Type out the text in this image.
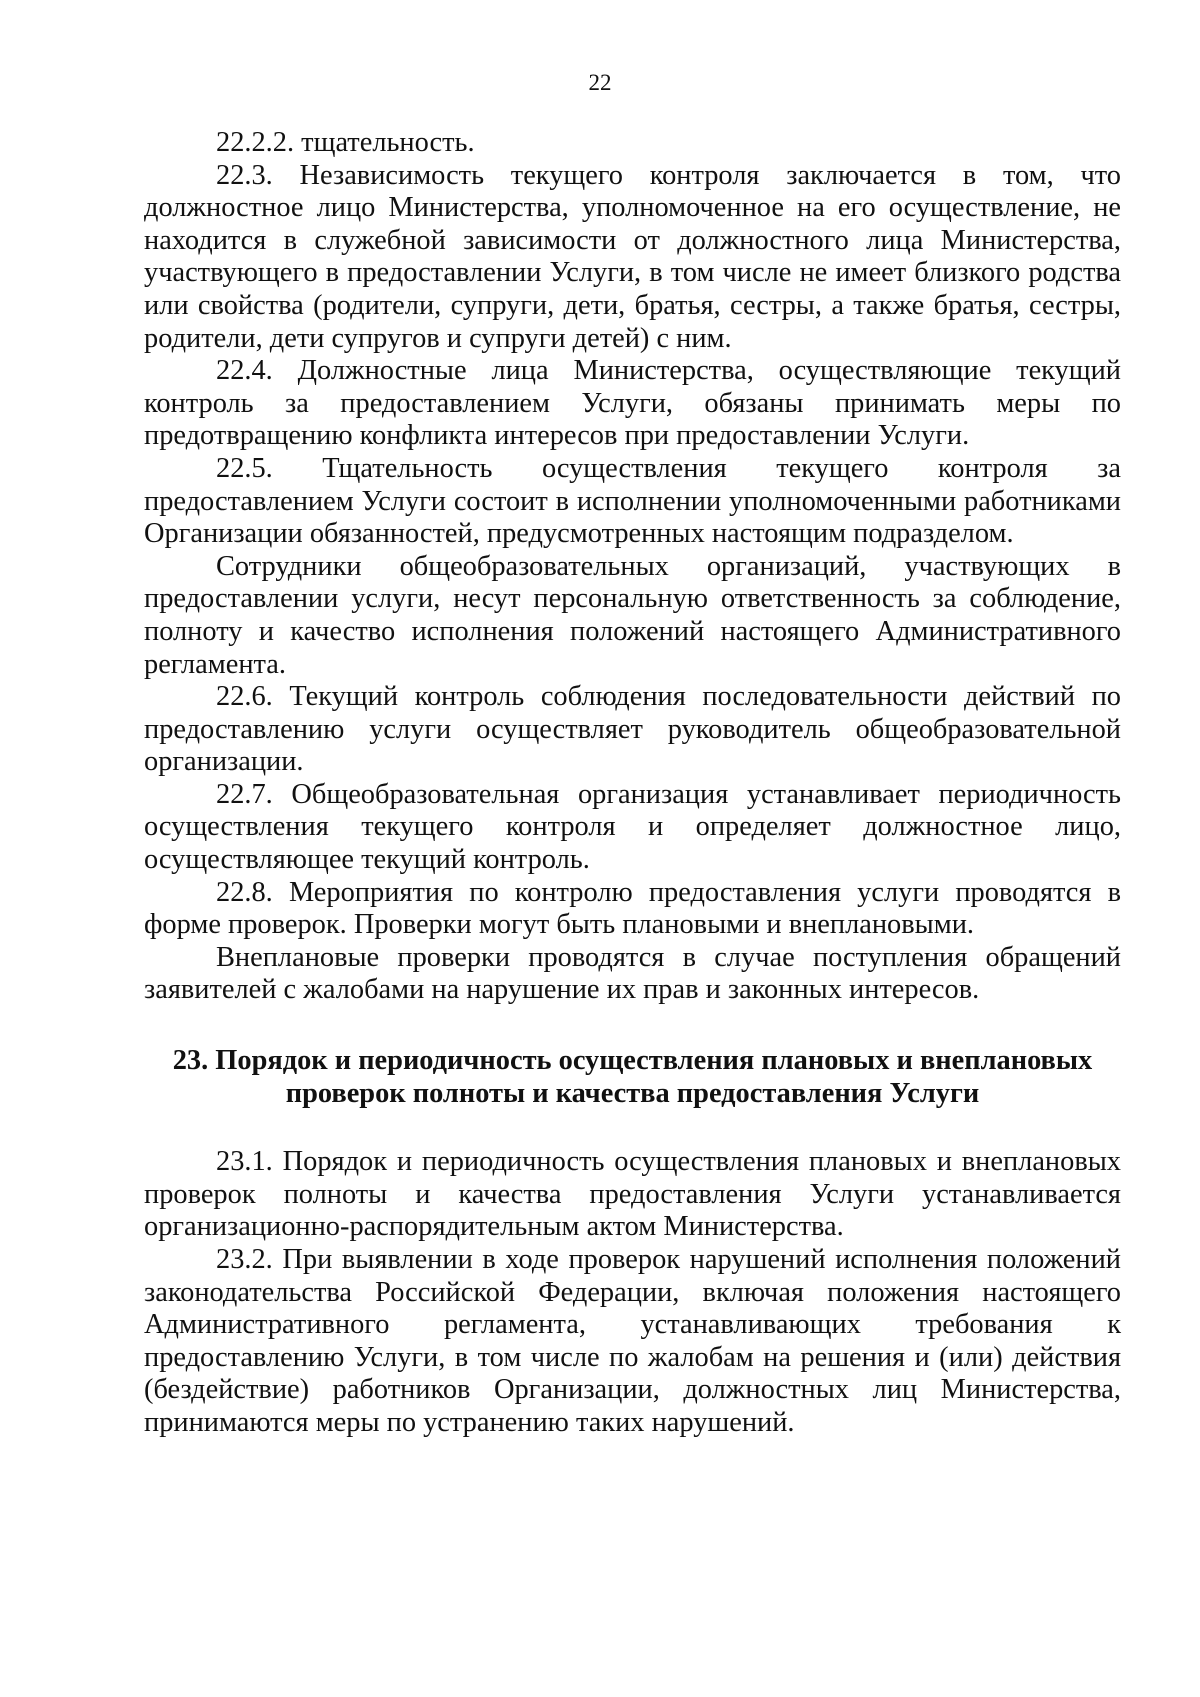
22

22.2.2. тщательность.

22.3. Независимость текущего контроля заключается в том, что должностное лицо Министерства, уполномоченное на его осуществление, не находится в служебной зависимости от должностного лица Министерства, участвующего в предоставлении Услуги, в том числе не имеет близкого родства или свойства (родители, супруги, дети, братья, сестры, а также братья, сестры, родители, дети супругов и супруги детей) с ним.

22.4. Должностные лица Министерства, осуществляющие текущий контроль за предоставлением Услуги, обязаны принимать меры по предотвращению конфликта интересов при предоставлении Услуги.

22.5. Тщательность осуществления текущего контроля за предоставлением Услуги состоит в исполнении уполномоченными работниками Организации обязанностей, предусмотренных настоящим подразделом.

Сотрудники общеобразовательных организаций, участвующих в предоставлении услуги, несут персональную ответственность за соблюдение, полноту и качество исполнения положений настоящего Административного регламента.

22.6. Текущий контроль соблюдения последовательности действий по предоставлению услуги осуществляет руководитель общеобразовательной организации.

22.7. Общеобразовательная организация устанавливает периодичность осуществления текущего контроля и определяет должностное лицо, осуществляющее текущий контроль.

22.8. Мероприятия по контролю предоставления услуги проводятся в форме проверок. Проверки могут быть плановыми и внеплановыми.

Внеплановые проверки проводятся в случае поступления обращений заявителей с жалобами на нарушение их прав и законных интересов.

23. Порядок и периодичность осуществления плановых и внеплановых
проверок полноты и качества предоставления Услуги

23.1. Порядок и периодичность осуществления плановых и внеплановых проверок полноты и качества предоставления Услуги устанавливается организационно-распорядительным актом Министерства.

23.2. При выявлении в ходе проверок нарушений исполнения положений законодательства Российской Федерации, включая положения настоящего Административного регламента, устанавливающих требования к предоставлению Услуги, в том числе по жалобам на решения и (или) действия (бездействие) работников Организации, должностных лиц Министерства, принимаются меры по устранению таких нарушений.
